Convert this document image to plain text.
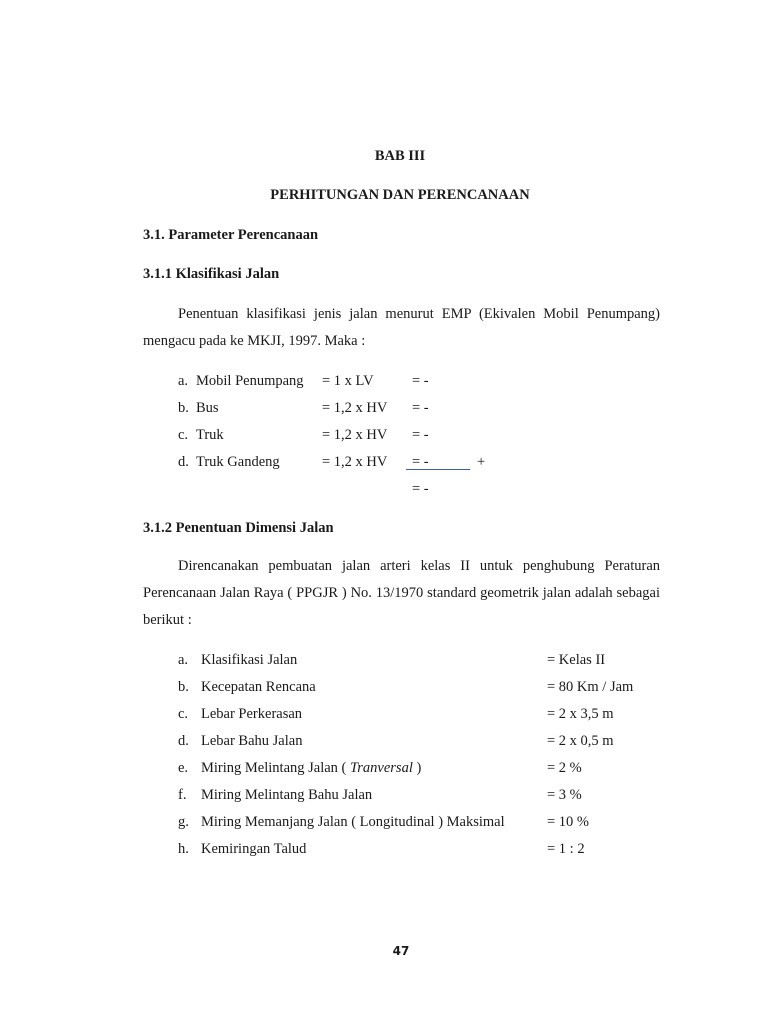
BAB III
PERHITUNGAN DAN PERENCANAAN
3.1. Parameter Perencanaan
3.1.1 Klasifikasi Jalan
Penentuan klasifikasi jenis jalan menurut EMP (Ekivalen Mobil Penumpang) mengacu pada ke MKJI, 1997. Maka :
a. Mobil Penumpang = 1 x LV	= -
b. Bus	= 1,2 x HV = -
c. Truk	= 1,2 x HV = -
d. Truk Gandeng	= 1,2 x HV = -	+
= -
3.1.2 Penentuan Dimensi Jalan
Direncanakan pembuatan jalan arteri kelas II untuk penghubung Peraturan Perencanaan Jalan Raya ( PPGJR ) No. 13/1970 standard geometrik jalan adalah sebagai berikut :
a. Klasifikasi Jalan	= Kelas II
b. Kecepatan Rencana	= 80 Km / Jam
c. Lebar Perkerasan	= 2 x 3,5 m
d. Lebar Bahu Jalan	= 2 x 0,5 m
e. Miring Melintang Jalan ( Tranversal )	= 2 %
f. Miring Melintang Bahu Jalan	= 3 %
g. Miring Memanjang Jalan ( Longitudinal ) Maksimal	= 10 %
h. Kemiringan Talud	= 1 : 2
47
